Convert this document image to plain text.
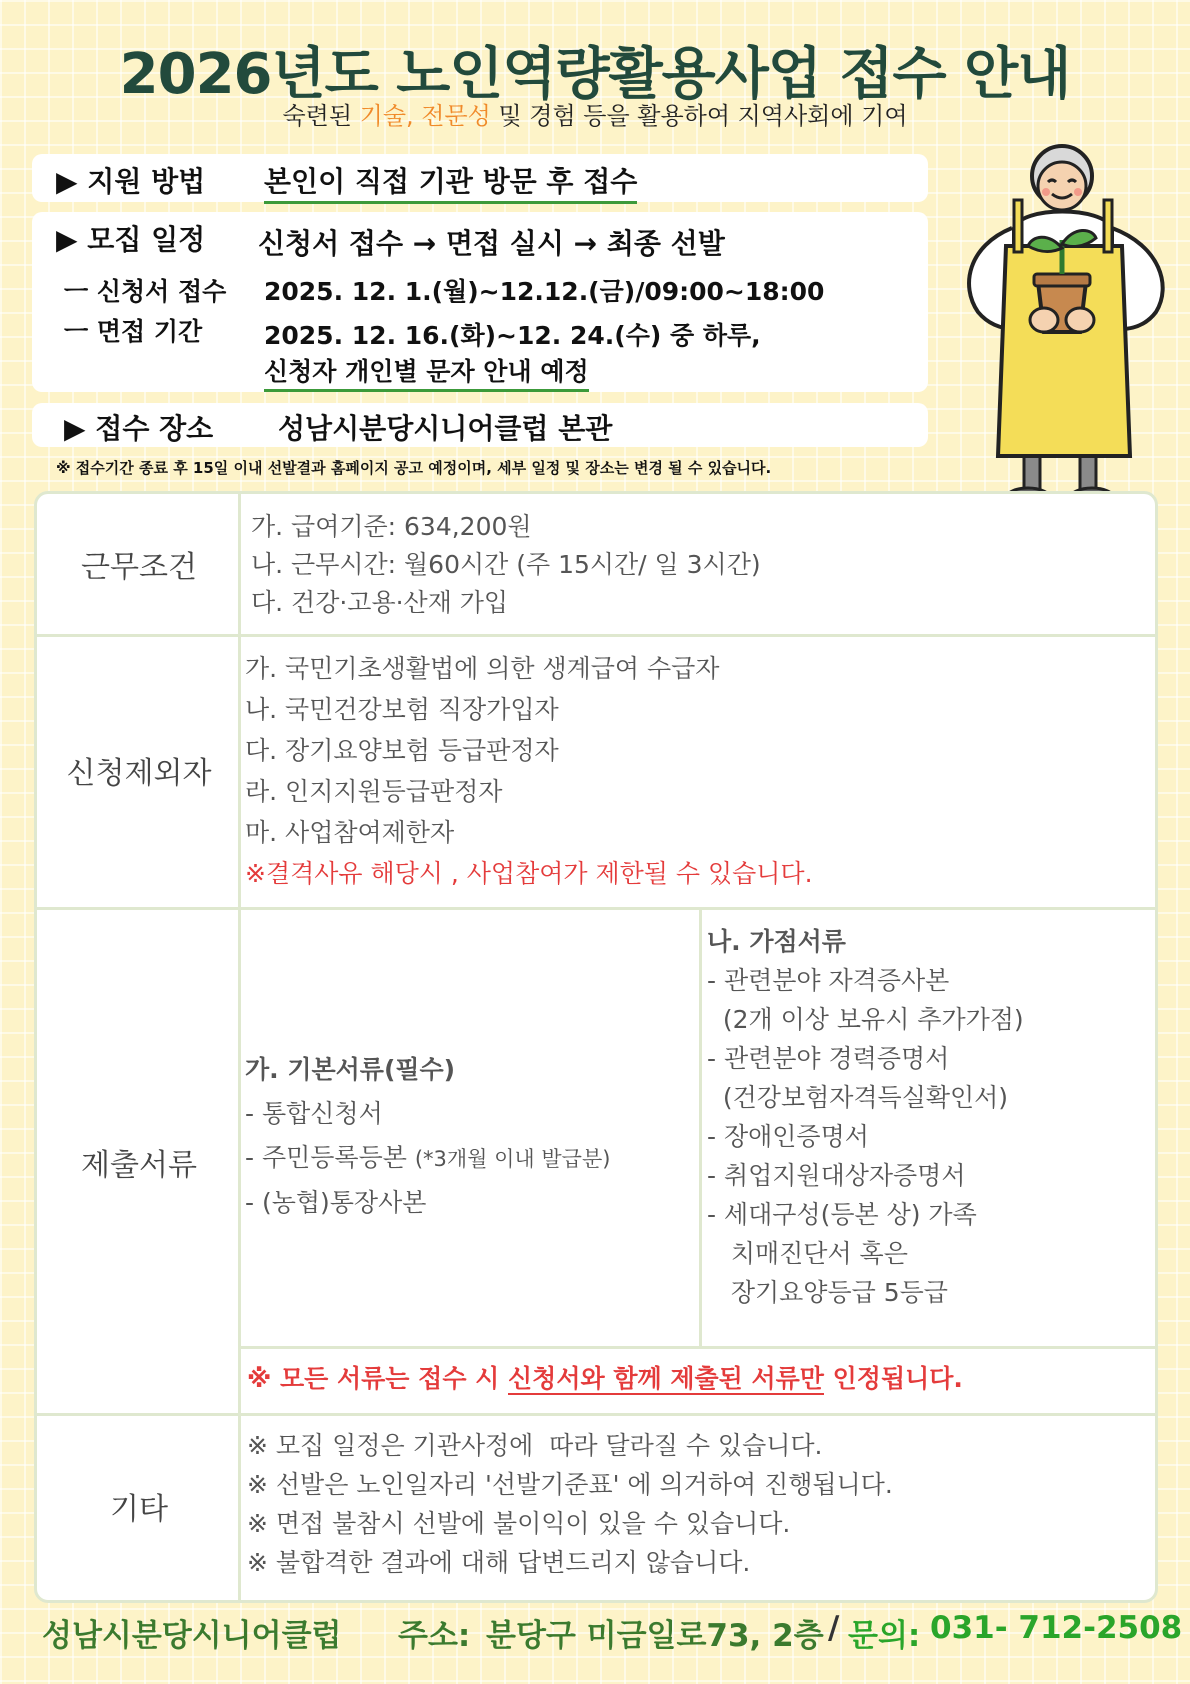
2026년도 노인역량활용사업 접수 안내
숙련된 기술, 전문성 및 경험 등을 활용하여 지역사회에 기여
▶ 지원 방법 본인이 직접 기관 방문 후 접수
▶ 모집 일정 신청서 접수 → 면접 실시 → 최종 선발
ㅡ 신청서 접수 2025. 12. 1.(월)~12.12.(금)/09:00~18:00
ㅡ 면접 기간 2025. 12. 16.(화)~12. 24.(수) 중 하루,
신청자 개인별 문자 안내 예정
▶ 접수 장소 성남시분당시니어클럽 본관
※ 접수기간 종료 후 15일 이내 선발결과 홈페이지 공고 예정이며, 세부 일정 및 장소는 변경 될 수 있습니다.
근무조건
가. 급여기준: 634,200원
나. 근무시간: 월60시간 (주 15시간/ 일 3시간)
다. 건강·고용·산재 가입
신청제외자
가. 국민기초생활법에 의한 생계급여 수급자
나. 국민건강보험 직장가입자
다. 장기요양보험 등급판정자
라. 인지지원등급판정자
마. 사업참여제한자
※결격사유 해당시 , 사업참여가 제한될 수 있습니다.
제출서류
가. 기본서류(필수)
- 통합신청서
- 주민등록등본 (*3개월 이내 발급분)
- (농협)통장사본
나. 가점서류
- 관련분야 자격증사본
(2개 이상 보유시 추가가점)
- 관련분야 경력증명서
(건강보험자격득실확인서)
- 장애인증명서
- 취업지원대상자증명서
- 세대구성(등본 상) 가족
치매진단서 혹은
장기요양등급 5등급
※ 모든 서류는 접수 시 신청서와 함께 제출된 서류만 인정됩니다.
기타
※ 모집 일정은 기관사정에  따라 달라질 수 있습니다.
※ 선발은 노인일자리 '선발기준표' 에 의거하여 진행됩니다.
※ 면접 불참시 선발에 불이익이 있을 수 있습니다.
※ 불합격한 결과에 대해 답변드리지 않습니다.
성남시분당시니어클럽 주소: 분당구 미금일로73, 2층 / 문의: 031- 712-2508
